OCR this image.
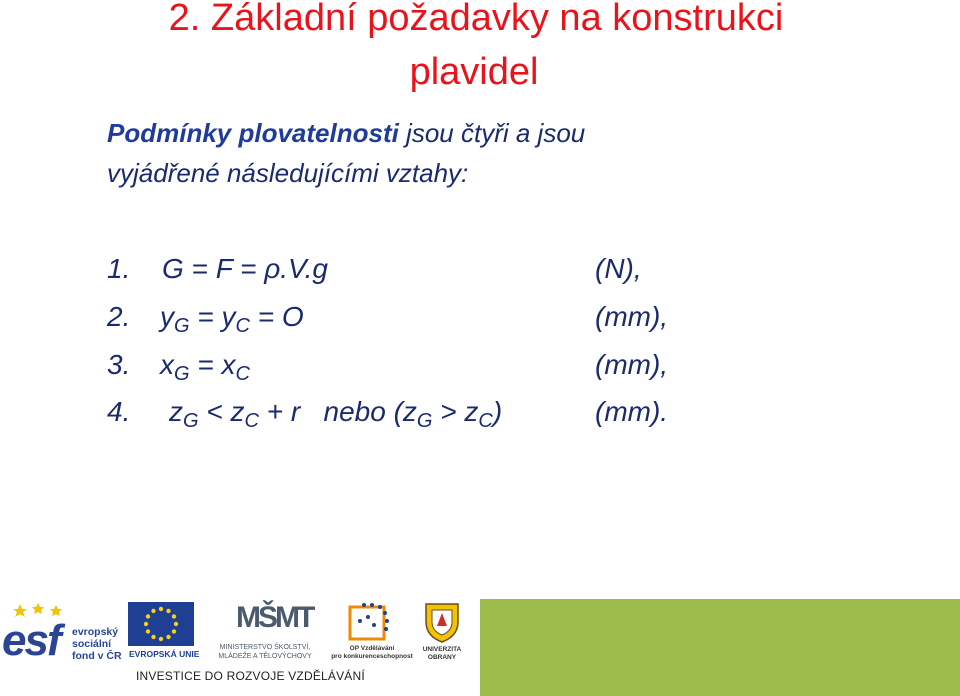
2. Základní požadavky na konstrukci
plavidel
Podmínky plovatelnosti jsou čtyři a jsou
vyjádřené následujícími vztahy:
1. G = F = ρ.V.g	(N),
2. $y_G = y_C = O$	(mm),
3. $x_G = x_C$	(mm),
4. $z_G < z_C + r$   nebo $(z_G > z_C)$	(mm).
esf evropský
sociální
fond v ČR EVROPSKÁ UNIE
MŠMT
MINISTERSTVO ŠKOLSTVÍ,
MLÁDEŽE A TĚLOVÝCHOVY
OP Vzdělávání
pro konkurenceschopnost
UNIVERZITA
OBRANY
INVESTICE DO ROZVOJE VZDĚLÁVÁNÍ
